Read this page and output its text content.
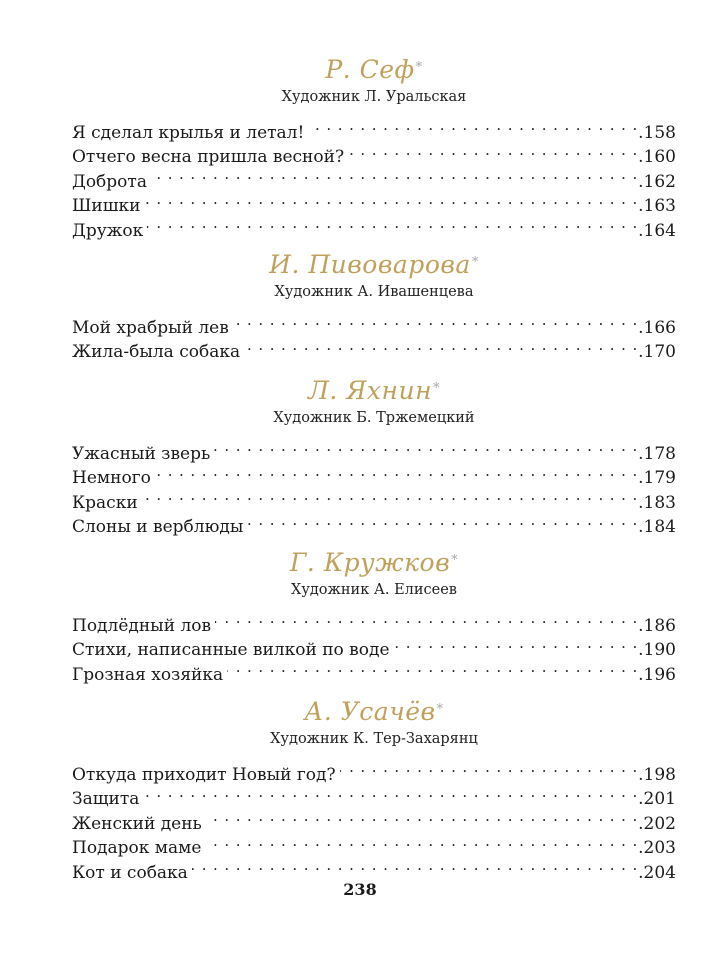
Р. Сеф*
Художник Л. Уральская
Я сделал крылья и летал! . . .	. 158
Отчего весна пришла весной? . . .	. 160
Доброта . . .	. 162
Шишки . . .	. 163
Дружок . . .	. 164
И. Пивоварова*
Художник А. Ивашенцева
Мой храбрый лев . . .	. 166
Жила-была собака . . .	. 170
Л. Яхнин*
Художник Б. Тржемецкий
Ужасный зверь . . .	. 178
Немного . . .	. 179
Краски . . .	. 183
Слоны и верблюды . . .	. 184
Г. Кружков*
Художник А. Елисеев
Подлёдный лов . . .	. 186
Стихи, написанные вилкой по воде . . .	. 190
Грозная хозяйка . . .	. 196
А. Усачёв*
Художник К. Тер-Захарянц
Откуда приходит Новый год? . . .	. 198
Защита . . .	. 201
Женский день . . .	. 202
Подарок маме . . .	. 203
Кот и собака . . .	. 204
238
